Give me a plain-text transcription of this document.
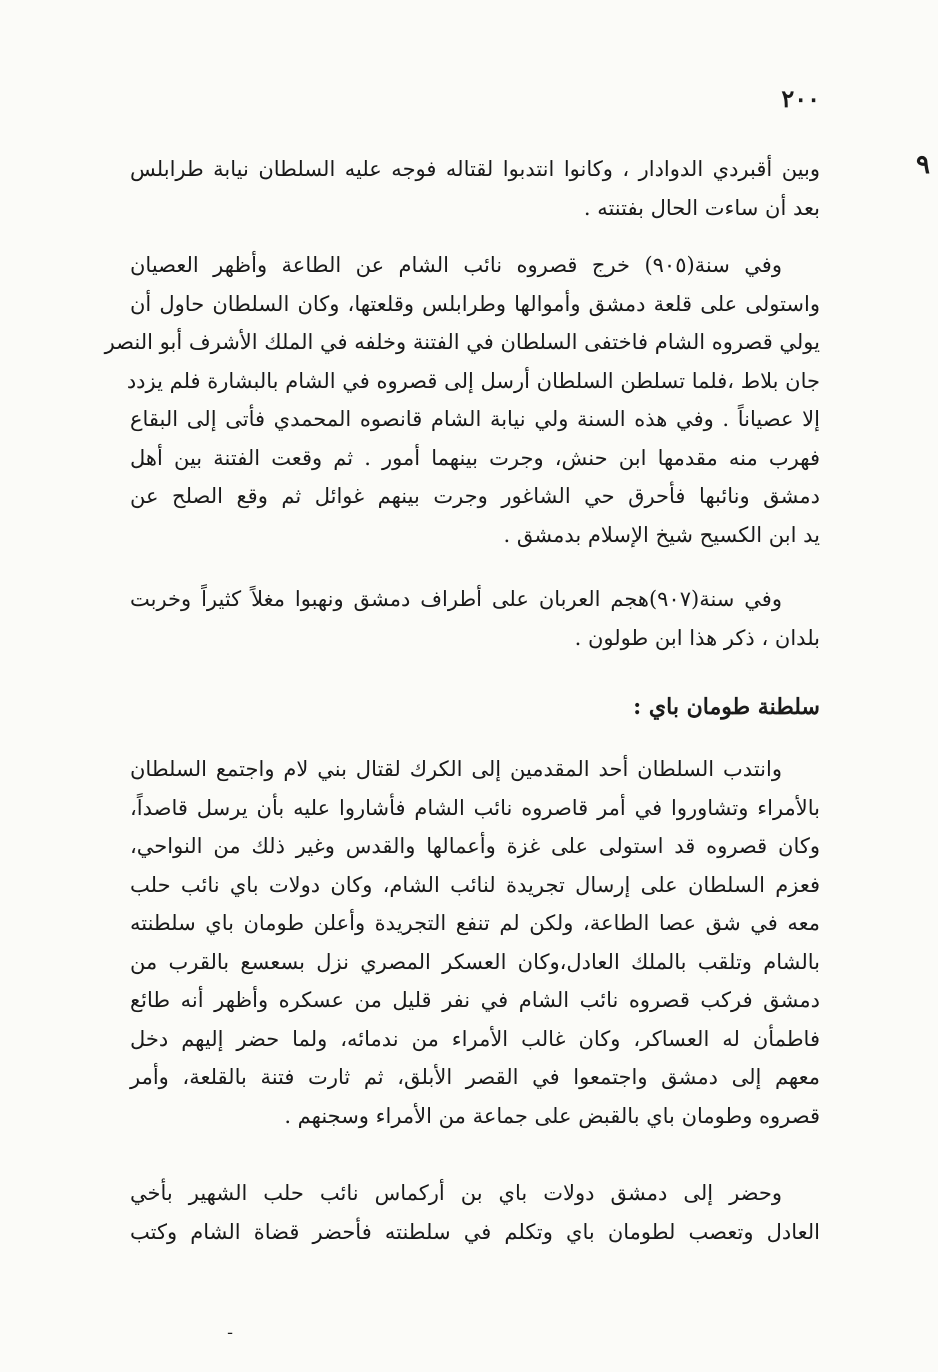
٢٠٠
٩
وبين أقبردي الدوادار ، وكانوا انتدبوا لقتاله فوجه عليه السلطان نيابة طرابلس
بعد أن ساءت الحال بفتنته .
وفي سنة(٩٠٥) خرج قصروه نائب الشام عن الطاعة وأظهر العصيان
واستولى على قلعة دمشق وأموالها وطرابلس وقلعتها، وكان السلطان حاول أن
يولي قصروه الشام فاختفى السلطان في الفتنة وخلفه في الملك الأشرف أبو النصر
جان بلاط ،فلما تسلطن السلطان أرسل إلى قصروه في الشام بالبشارة فلم يزدد
إلا عصياناً . وفي هذه السنة ولي نيابة الشام قانصوه المحمدي فأتى إلى البقاع
فهرب منه مقدمها ابن حنش، وجرت بينهما أمور . ثم وقعت الفتنة بين أهل
دمشق ونائبها فأحرق حي الشاغور وجرت بينهم غوائل ثم وقع الصلح عن
يد ابن الكسيح شيخ الإسلام بدمشق .
وفي سنة(٩٠٧)هجم العربان على أطراف دمشق ونهبوا مغلاً كثيراً وخربت
بلدان ، ذكر هذا ابن طولون .
سلطنة طومان باي :
وانتدب السلطان أحد المقدمين إلى الكرك لقتال بني لام واجتمع السلطان
بالأمراء وتشاوروا في أمر قاصروه نائب الشام فأشاروا عليه بأن يرسل قاصداً،
وكان قصروه قد استولى على غزة وأعمالها والقدس وغير ذلك من النواحي،
فعزم السلطان على إرسال تجريدة لنائب الشام، وكان دولات باي نائب حلب
معه في شق عصا الطاعة، ولكن لم تنفع التجريدة وأعلن طومان باي سلطنته
بالشام وتلقب بالملك العادل،وكان العسكر المصري نزل بسعسع بالقرب من
دمشق فركب قصروه نائب الشام في نفر قليل من عسكره وأظهر أنه طائع
فاطمأن له العساكر، وكان غالب الأمراء من ندمائه، ولما حضر إليهم دخل
معهم إلى دمشق واجتمعوا في القصر الأبلق، ثم ثارت فتنة بالقلعة، وأمر
قصروه وطومان باي بالقبض على جماعة من الأمراء وسجنهم .
وحضر إلى دمشق دولات باي بن أركماس نائب حلب الشهير بأخي
العادل وتعصب لطومان باي وتكلم في سلطنته فأحضر قضاة الشام وكتب
ـ
